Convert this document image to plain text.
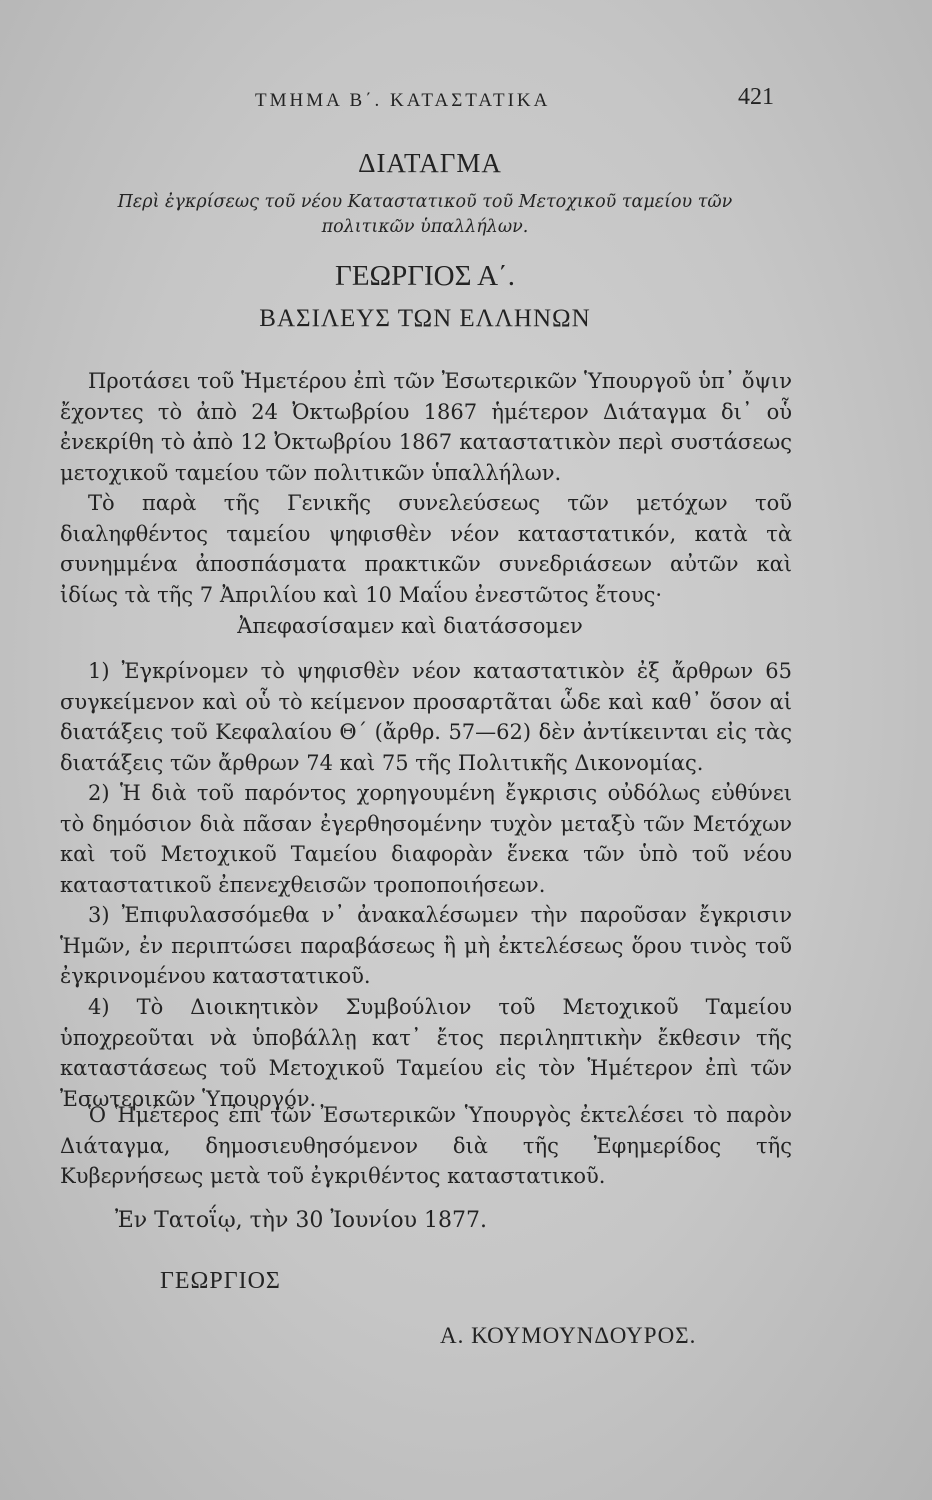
ΤΜΗΜΑ Β΄. ΚΑΤΑΣΤΑΤΙΚΑ	421
ΔΙΑΤΑΓΜΑ
Περὶ ἐγκρίσεως τοῦ νέου Καταστατικοῦ τοῦ Μετοχικοῦ ταμείου τῶν πολιτικῶν ὑπαλλήλων.
ΓΕΩΡΓΙΟΣ Α΄.
ΒΑΣΙΛΕΥΣ ΤΩΝ ΕΛΛΗΝΩΝ
Προτάσει τοῦ Ἡμετέρου ἐπὶ τῶν Ἐσωτερικῶν Ὑπουργοῦ ὑπ᾽ ὄψιν ἔχοντες τὸ ἀπὸ 24 Ὀκτωβρίου 1867 ἡμέτερον Διάταγμα δι᾽ οὗ ἐνεκρίθη τὸ ἀπὸ 12 Ὀκτωβρίου 1867 καταστατικὸν περὶ συστάσεως μετοχικοῦ ταμείου τῶν πολιτικῶν ὑπαλλήλων.
Τὸ παρὰ τῆς Γενικῆς συνελεύσεως τῶν μετόχων τοῦ διαληφθέντος ταμείου ψηφισθὲν νέον καταστατικόν, κατὰ τὰ συνημμένα ἀποσπάσματα πρακτικῶν συνεδριάσεων αὐτῶν καὶ ἰδίως τὰ τῆς 7 Ἀπριλίου καὶ 10 Μαΐου ἐνεστῶτος ἔτους·
Ἀπεφασίσαμεν καὶ διατάσσομεν
1) Ἐγκρίνομεν τὸ ψηφισθὲν νέον καταστατικὸν ἐξ ἄρθρων 65 συγκείμενον καὶ οὗ τὸ κείμενον προσαρτᾶται ὧδε καὶ καθ᾽ ὅσον αἱ διατάξεις τοῦ Κεφαλαίου Θ΄ (ἄρθρ. 57—62) δὲν ἀντίκεινται εἰς τὰς διατάξεις τῶν ἄρθρων 74 καὶ 75 τῆς Πολιτικῆς Δικονομίας.
2) Ἡ διὰ τοῦ παρόντος χορηγουμένη ἔγκρισις οὐδόλως εὐθύνει τὸ δημόσιον διὰ πᾶσαν ἐγερθησομένην τυχὸν μεταξὺ τῶν Μετόχων καὶ τοῦ Μετοχικοῦ Ταμείου διαφορὰν ἕνεκα τῶν ὑπὸ τοῦ νέου καταστατικοῦ ἐπενεχθεισῶν τροποποιήσεων.
3) Ἐπιφυλασσόμεθα ν᾽ ἀνακαλέσωμεν τὴν παροῦσαν ἔγκρισιν Ἡμῶν, ἐν περιπτώσει παραβάσεως ἢ μὴ ἐκτελέσεως ὅρου τινὸς τοῦ ἐγκρινομένου καταστατικοῦ.
4) Τὸ Διοικητικὸν Συμβούλιον τοῦ Μετοχικοῦ Ταμείου ὑποχρεοῦται νὰ ὑποβάλλῃ κατ᾽ ἔτος περιληπτικὴν ἔκθεσιν τῆς καταστάσεως τοῦ Μετοχικοῦ Ταμείου εἰς τὸν Ἡμέτερον ἐπὶ τῶν Ἐσωτερικῶν Ὑπουργόν.
Ὁ Ἡμέτερος ἐπὶ τῶν Ἐσωτερικῶν Ὑπουργὸς ἐκτελέσει τὸ παρὸν Διάταγμα, δημοσιευθησόμενον διὰ τῆς Ἐφημερίδος τῆς Κυβερνήσεως μετὰ τοῦ ἐγκριθέντος καταστατικοῦ.
Ἐν Τατοΐῳ, τὴν 30 Ἰουνίου 1877.
ΓΕΩΡΓΙΟΣ
Α. ΚΟΥΜΟΥΝΔΟΥΡΟΣ.
